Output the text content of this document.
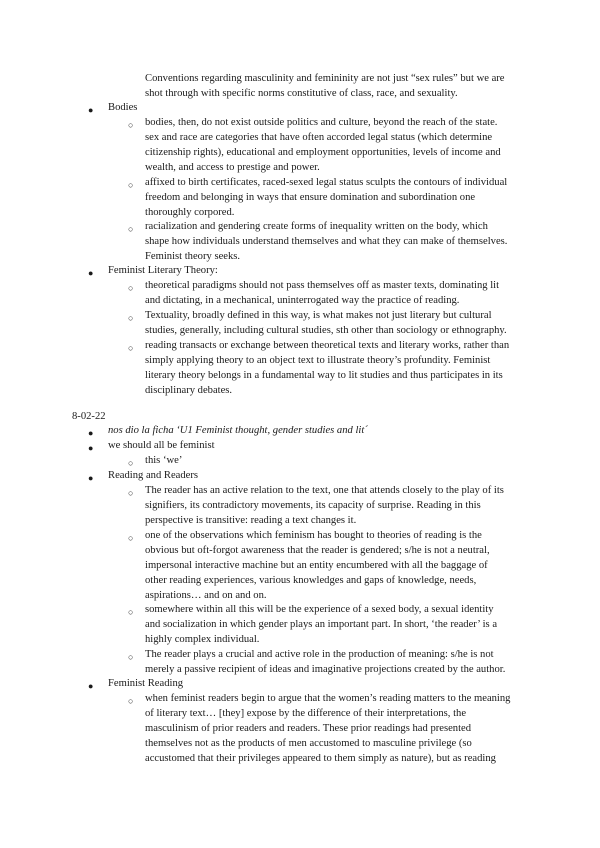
Conventions regarding masculinity and femininity are not just “sex rules” but we are
shot through with specific norms constitutive of class, race, and sexuality.
● Bodies
○ bodies, then, do not exist outside politics and culture, beyond the reach of the state.
sex and race are categories that have often accorded legal status (which determine
citizenship rights), educational and employment opportunities, levels of income and
wealth, and access to prestige and power.
○ affixed to birth certificates, raced-sexed legal status sculpts the contours of individual
freedom and belonging in ways that ensure domination and subordination one
thoroughly corpored.
○ racialization and gendering create forms of inequality written on the body, which
shape how individuals understand themselves and what they can make of themselves.
Feminist theory seeks.
● Feminist Literary Theory:
○ theoretical paradigms should not pass themselves off as master texts, dominating lit
and dictating, in a mechanical, uninterrogated way the practice of reading.
○ Textuality, broadly defined in this way, is what makes not just literary but cultural
studies, generally, including cultural studies, sth other than sociology or ethnography.
○ reading transacts or exchange between theoretical texts and literary works, rather than
simply applying theory to an object text to illustrate theory’s profundity. Feminist
literary theory belongs in a fundamental way to lit studies and thus participates in its
disciplinary debates.
8-02-22
● nos dio la ficha ‘U1 Feminist thought, gender studies and lit´
● we should all be feminist
○ this ‘we’
● Reading and Readers
○ The reader has an active relation to the text, one that attends closely to the play of its
signifiers, its contradictory movements, its capacity of surprise. Reading in this
perspective is transitive: reading a text changes it.
○ one of the observations which feminism has bought to theories of reading is the
obvious but oft-forgot awareness that the reader is gendered; s/he is not a neutral,
impersonal interactive machine but an entity encumbered with all the baggage of
other reading experiences, various knowledges and gaps of knowledge, needs,
aspirations… and on and on.
○ somewhere within all this will be the experience of a sexed body, a sexual identity
and socialization in which gender plays an important part. In short, ‘the reader’ is a
highly complex individual.
○ The reader plays a crucial and active role in the production of meaning: s/he is not
merely a passive recipient of ideas and imaginative projections created by the author.
● Feminist Reading
○ when feminist readers begin to argue that the women’s reading matters to the meaning
of literary text… [they] expose by the difference of their interpretations, the
masculinism of prior readers and readers. These prior readings had presented
themselves not as the products of men accustomed to masculine privilege (so
accustomed that their privileges appeared to them simply as nature), but as reading
